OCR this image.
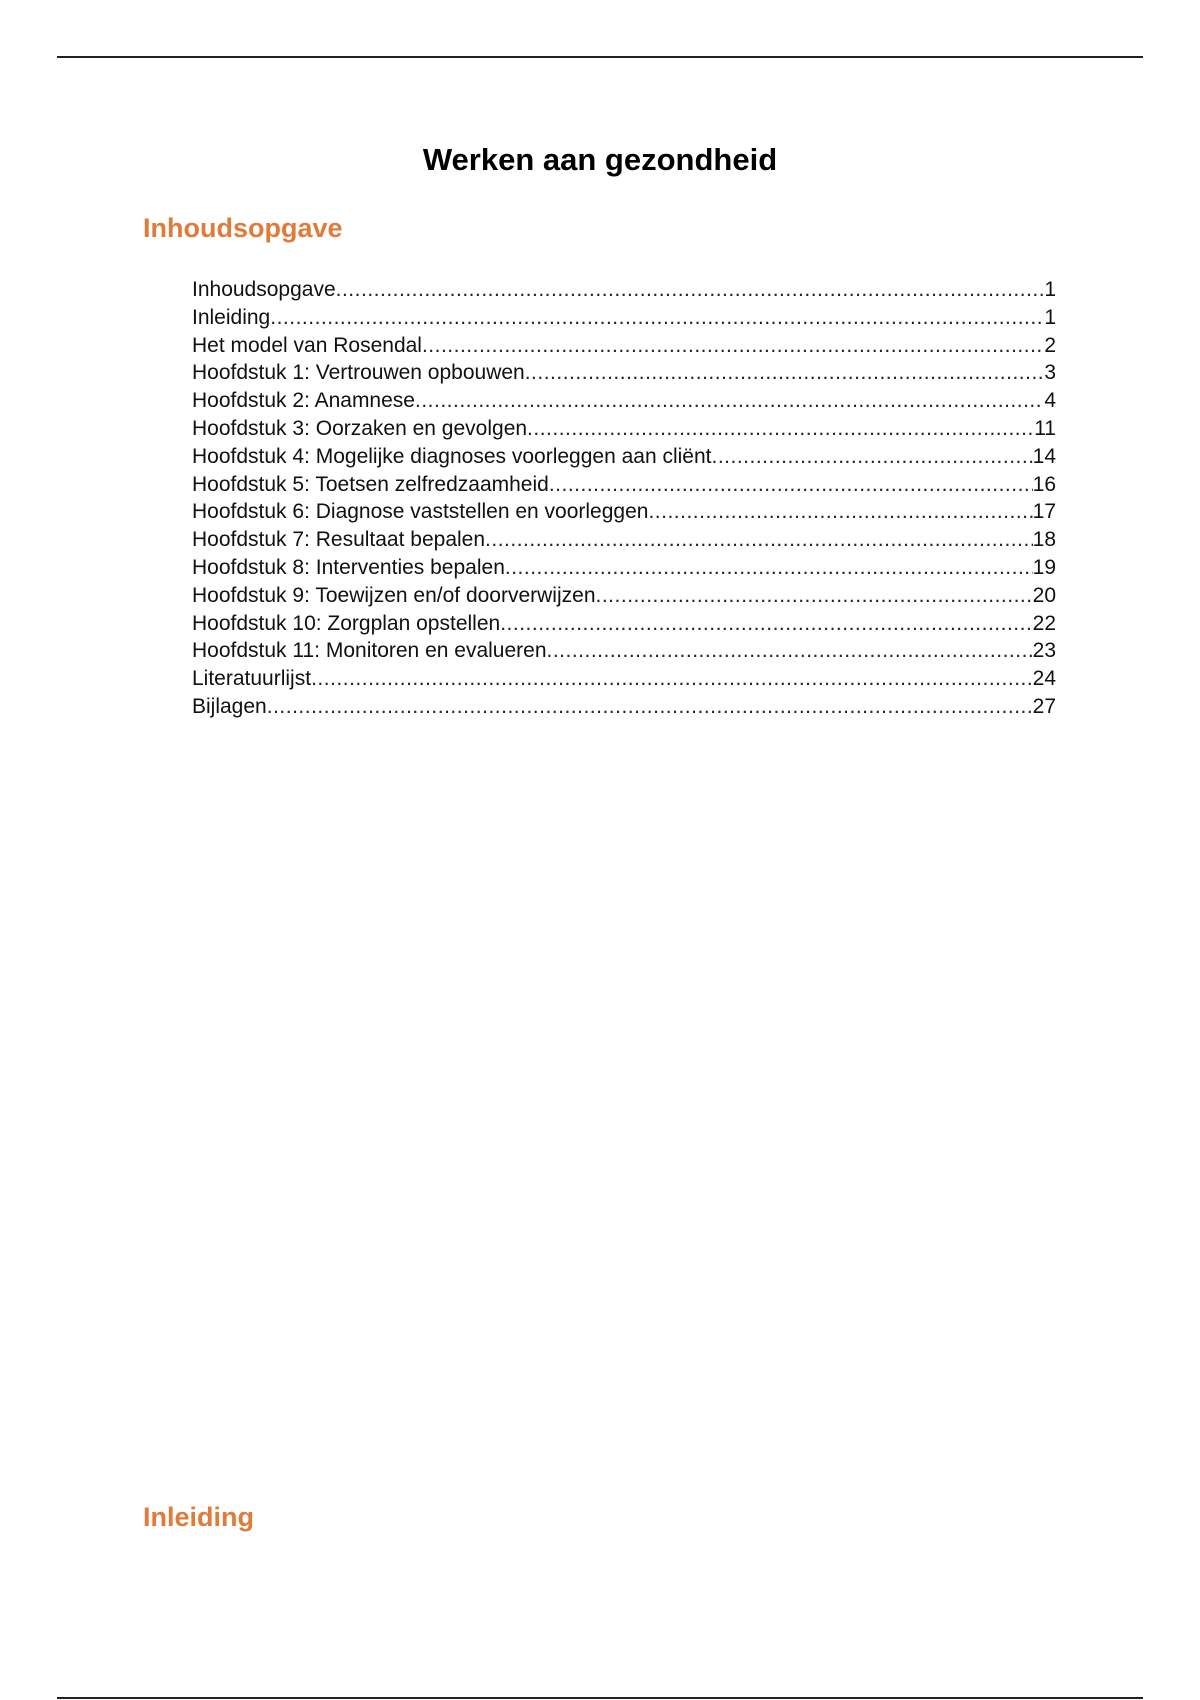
Werken aan gezondheid
Inhoudsopgave
Inhoudsopgave .....	1
Inleiding .....	1
Het model van Rosendal .....	2
Hoofdstuk 1: Vertrouwen opbouwen .....	3
Hoofdstuk 2: Anamnese .....	4
Hoofdstuk 3: Oorzaken en gevolgen .....	11
Hoofdstuk 4: Mogelijke diagnoses voorleggen aan cliënt .....	14
Hoofdstuk 5: Toetsen zelfredzaamheid .....	16
Hoofdstuk 6: Diagnose vaststellen en voorleggen .....	17
Hoofdstuk 7: Resultaat bepalen .....	18
Hoofdstuk 8: Interventies bepalen .....	19
Hoofdstuk 9: Toewijzen en/of doorverwijzen .....	20
Hoofdstuk 10: Zorgplan opstellen .....	22
Hoofdstuk 11: Monitoren en evalueren .....	23
Literatuurlijst .....	24
Bijlagen .....	27
Inleiding
